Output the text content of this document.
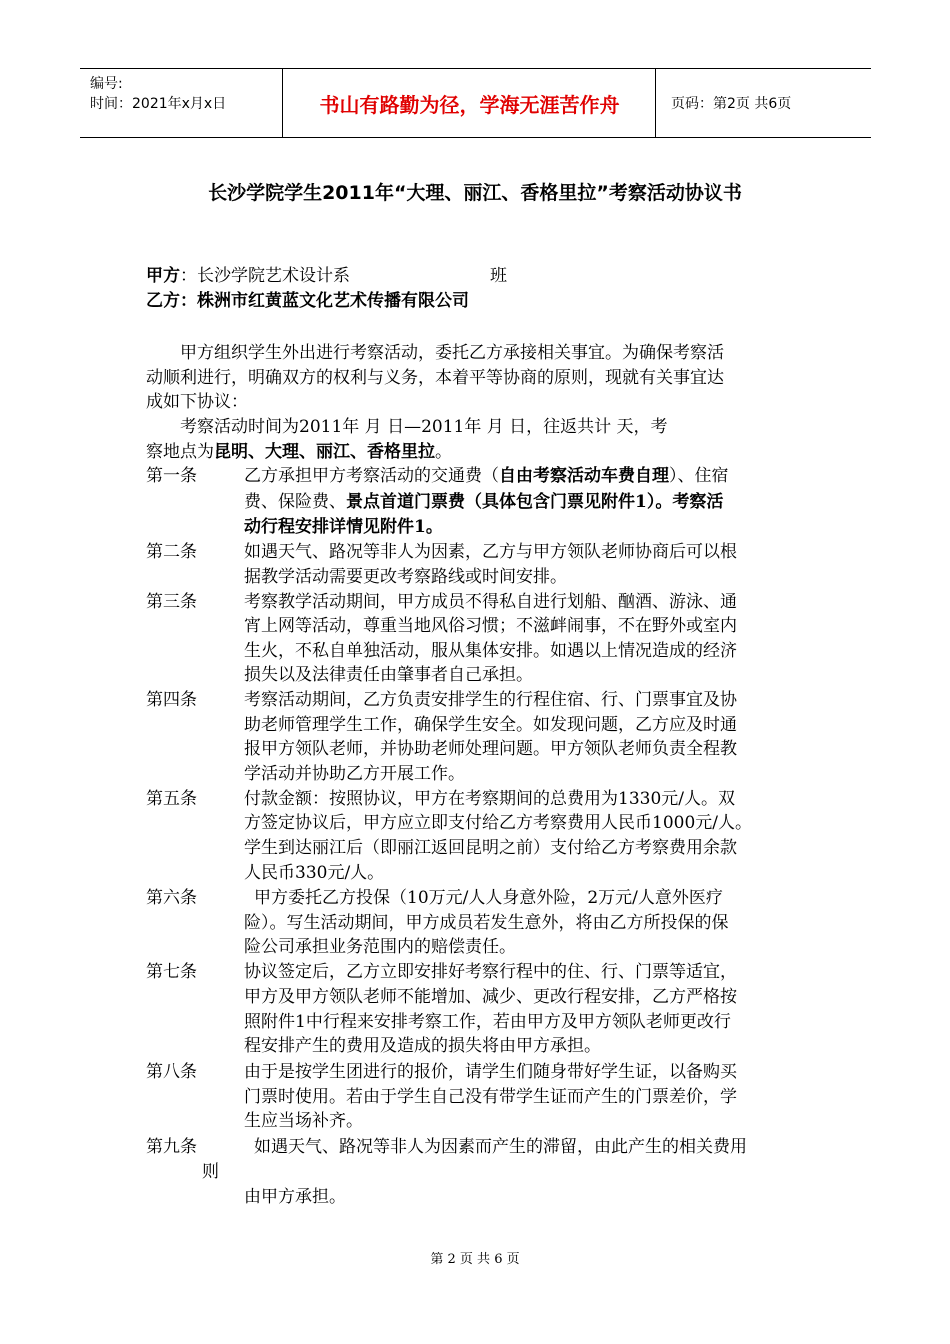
编号:
时间：2021年x月x日	书山有路勤为径，学海无涯苦作舟	页码：第2页 共6页
长沙学院学生2011年“大理、丽江、香格里拉”考察活动协议书
甲方：长沙学院艺术设计系	班
乙方：株洲市红黄蓝文化艺术传播有限公司
甲方组织学生外出进行考察活动，委托乙方承接相关事宜。为确保考察活
动顺利进行，明确双方的权利与义务，本着平等协商的原则，现就有关事宜达
成如下协议：
考察活动时间为2011年 月 日—2011年 月 日，往返共计 天，考
察地点为昆明、大理、丽江、香格里拉。
第一条	乙方承担甲方考察活动的交通费（自由考察活动车费自理）、住宿
费、保险费、景点首道门票费（具体包含门票见附件1）。考察活
动行程安排详情见附件1。
第二条	如遇天气、路况等非人为因素，乙方与甲方领队老师协商后可以根
据教学活动需要更改考察路线或时间安排。
第三条	考察教学活动期间，甲方成员不得私自进行划船、酗酒、游泳、通
宵上网等活动，尊重当地风俗习惯；不滋衅闹事，不在野外或室内
生火，不私自单独活动，服从集体安排。如遇以上情况造成的经济
损失以及法律责任由肇事者自己承担。
第四条	考察活动期间，乙方负责安排学生的行程住宿、行、门票事宜及协
助老师管理学生工作，确保学生安全。如发现问题，乙方应及时通
报甲方领队老师，并协助老师处理问题。甲方领队老师负责全程教
学活动并协助乙方开展工作。
第五条	付款金额：按照协议，甲方在考察期间的总费用为1330元/人。双
方签定协议后，甲方应立即支付给乙方考察费用人民币1000元/人。
学生到达丽江后（即丽江返回昆明之前）支付给乙方考察费用余款
人民币330元/人。
第六条	甲方委托乙方投保（10万元/人人身意外险，2万元/人意外医疗
险）。写生活动期间，甲方成员若发生意外，将由乙方所投保的保
险公司承担业务范围内的赔偿责任。
第七条	协议签定后，乙方立即安排好考察行程中的住、行、门票等适宜，
甲方及甲方领队老师不能增加、减少、更改行程安排，乙方严格按
照附件1中行程来安排考察工作，若由甲方及甲方领队老师更改行
程安排产生的费用及造成的损失将由甲方承担。
第八条	由于是按学生团进行的报价，请学生们随身带好学生证，以备购买
门票时使用。若由于学生自己没有带学生证而产生的门票差价，学
生应当场补齐。
第九条	如遇天气、路况等非人为因素而产生的滞留，由此产生的相关费用
则
由甲方承担。
第 2 页 共 6 页
